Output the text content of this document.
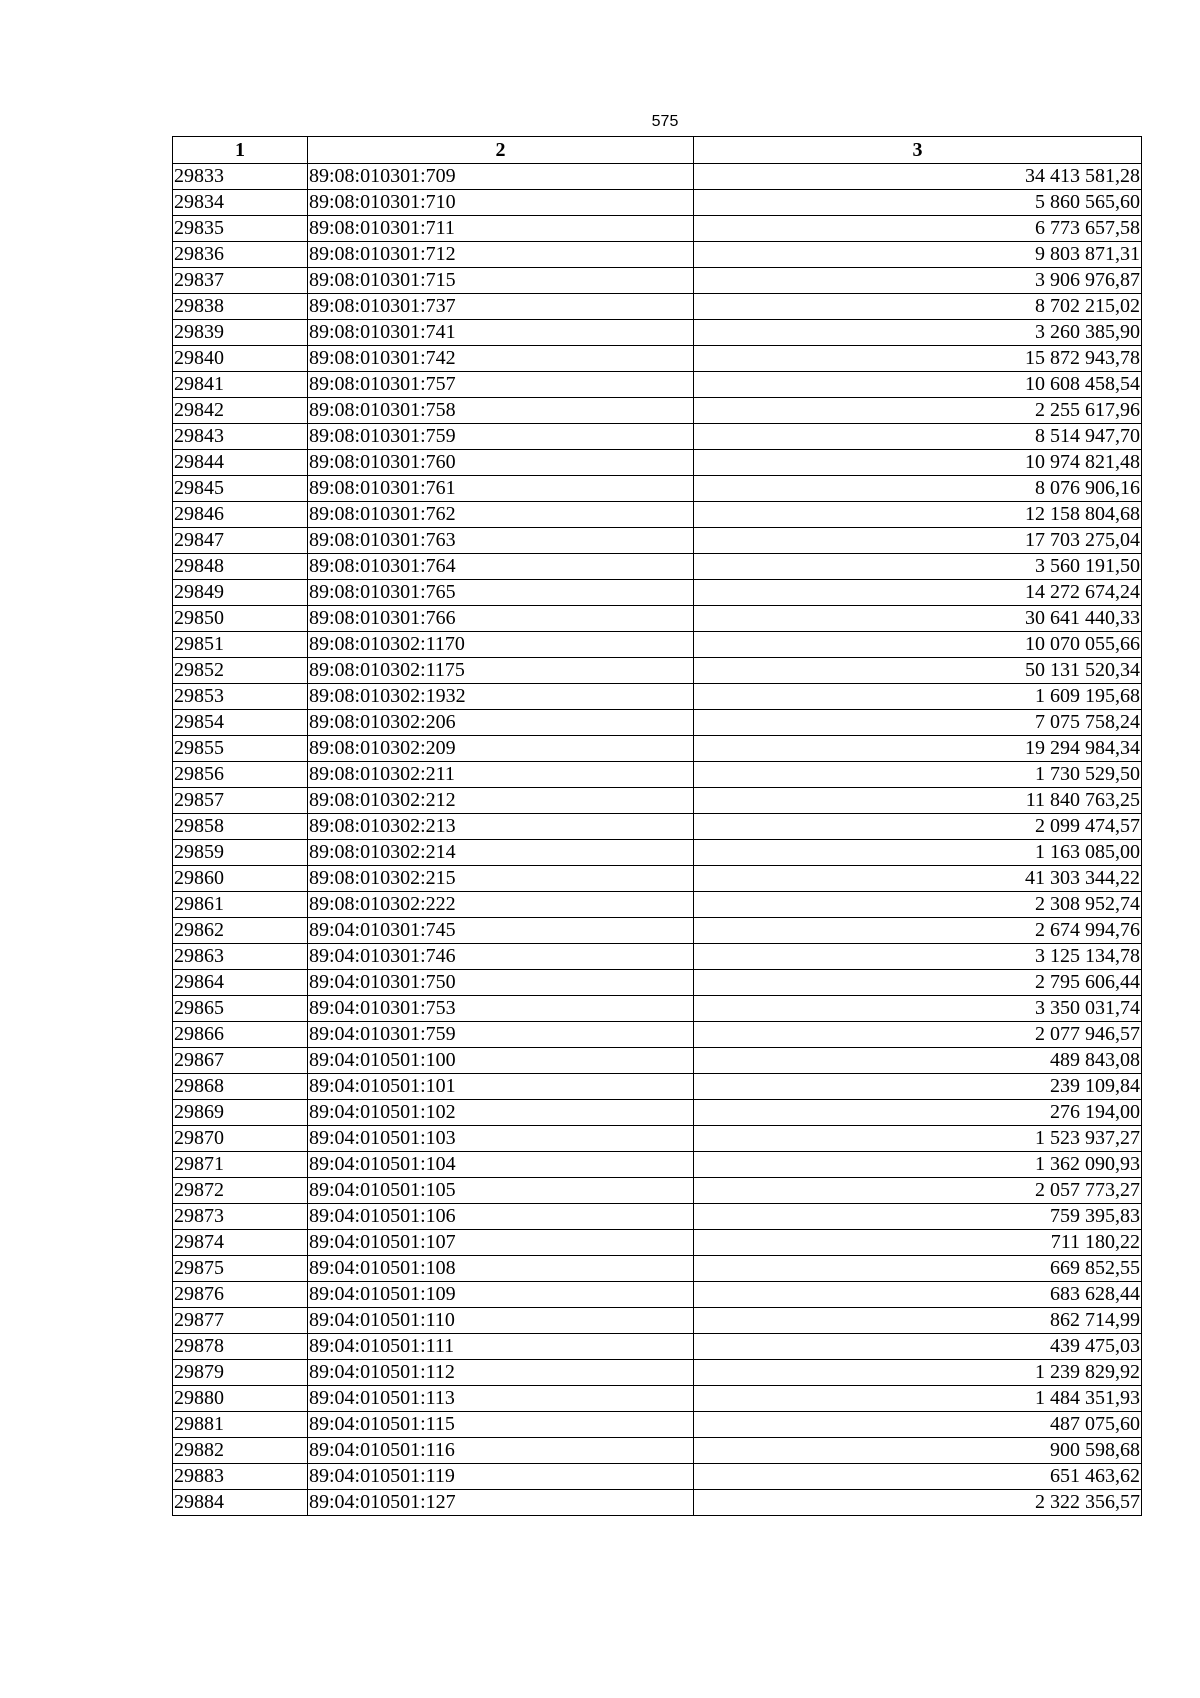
575
1	2	3
29833	89:08:010301:709	34 413 581,28
29834	89:08:010301:710	5 860 565,60
29835	89:08:010301:711	6 773 657,58
29836	89:08:010301:712	9 803 871,31
29837	89:08:010301:715	3 906 976,87
29838	89:08:010301:737	8 702 215,02
29839	89:08:010301:741	3 260 385,90
29840	89:08:010301:742	15 872 943,78
29841	89:08:010301:757	10 608 458,54
29842	89:08:010301:758	2 255 617,96
29843	89:08:010301:759	8 514 947,70
29844	89:08:010301:760	10 974 821,48
29845	89:08:010301:761	8 076 906,16
29846	89:08:010301:762	12 158 804,68
29847	89:08:010301:763	17 703 275,04
29848	89:08:010301:764	3 560 191,50
29849	89:08:010301:765	14 272 674,24
29850	89:08:010301:766	30 641 440,33
29851	89:08:010302:1170	10 070 055,66
29852	89:08:010302:1175	50 131 520,34
29853	89:08:010302:1932	1 609 195,68
29854	89:08:010302:206	7 075 758,24
29855	89:08:010302:209	19 294 984,34
29856	89:08:010302:211	1 730 529,50
29857	89:08:010302:212	11 840 763,25
29858	89:08:010302:213	2 099 474,57
29859	89:08:010302:214	1 163 085,00
29860	89:08:010302:215	41 303 344,22
29861	89:08:010302:222	2 308 952,74
29862	89:04:010301:745	2 674 994,76
29863	89:04:010301:746	3 125 134,78
29864	89:04:010301:750	2 795 606,44
29865	89:04:010301:753	3 350 031,74
29866	89:04:010301:759	2 077 946,57
29867	89:04:010501:100	489 843,08
29868	89:04:010501:101	239 109,84
29869	89:04:010501:102	276 194,00
29870	89:04:010501:103	1 523 937,27
29871	89:04:010501:104	1 362 090,93
29872	89:04:010501:105	2 057 773,27
29873	89:04:010501:106	759 395,83
29874	89:04:010501:107	711 180,22
29875	89:04:010501:108	669 852,55
29876	89:04:010501:109	683 628,44
29877	89:04:010501:110	862 714,99
29878	89:04:010501:111	439 475,03
29879	89:04:010501:112	1 239 829,92
29880	89:04:010501:113	1 484 351,93
29881	89:04:010501:115	487 075,60
29882	89:04:010501:116	900 598,68
29883	89:04:010501:119	651 463,62
29884	89:04:010501:127	2 322 356,57
